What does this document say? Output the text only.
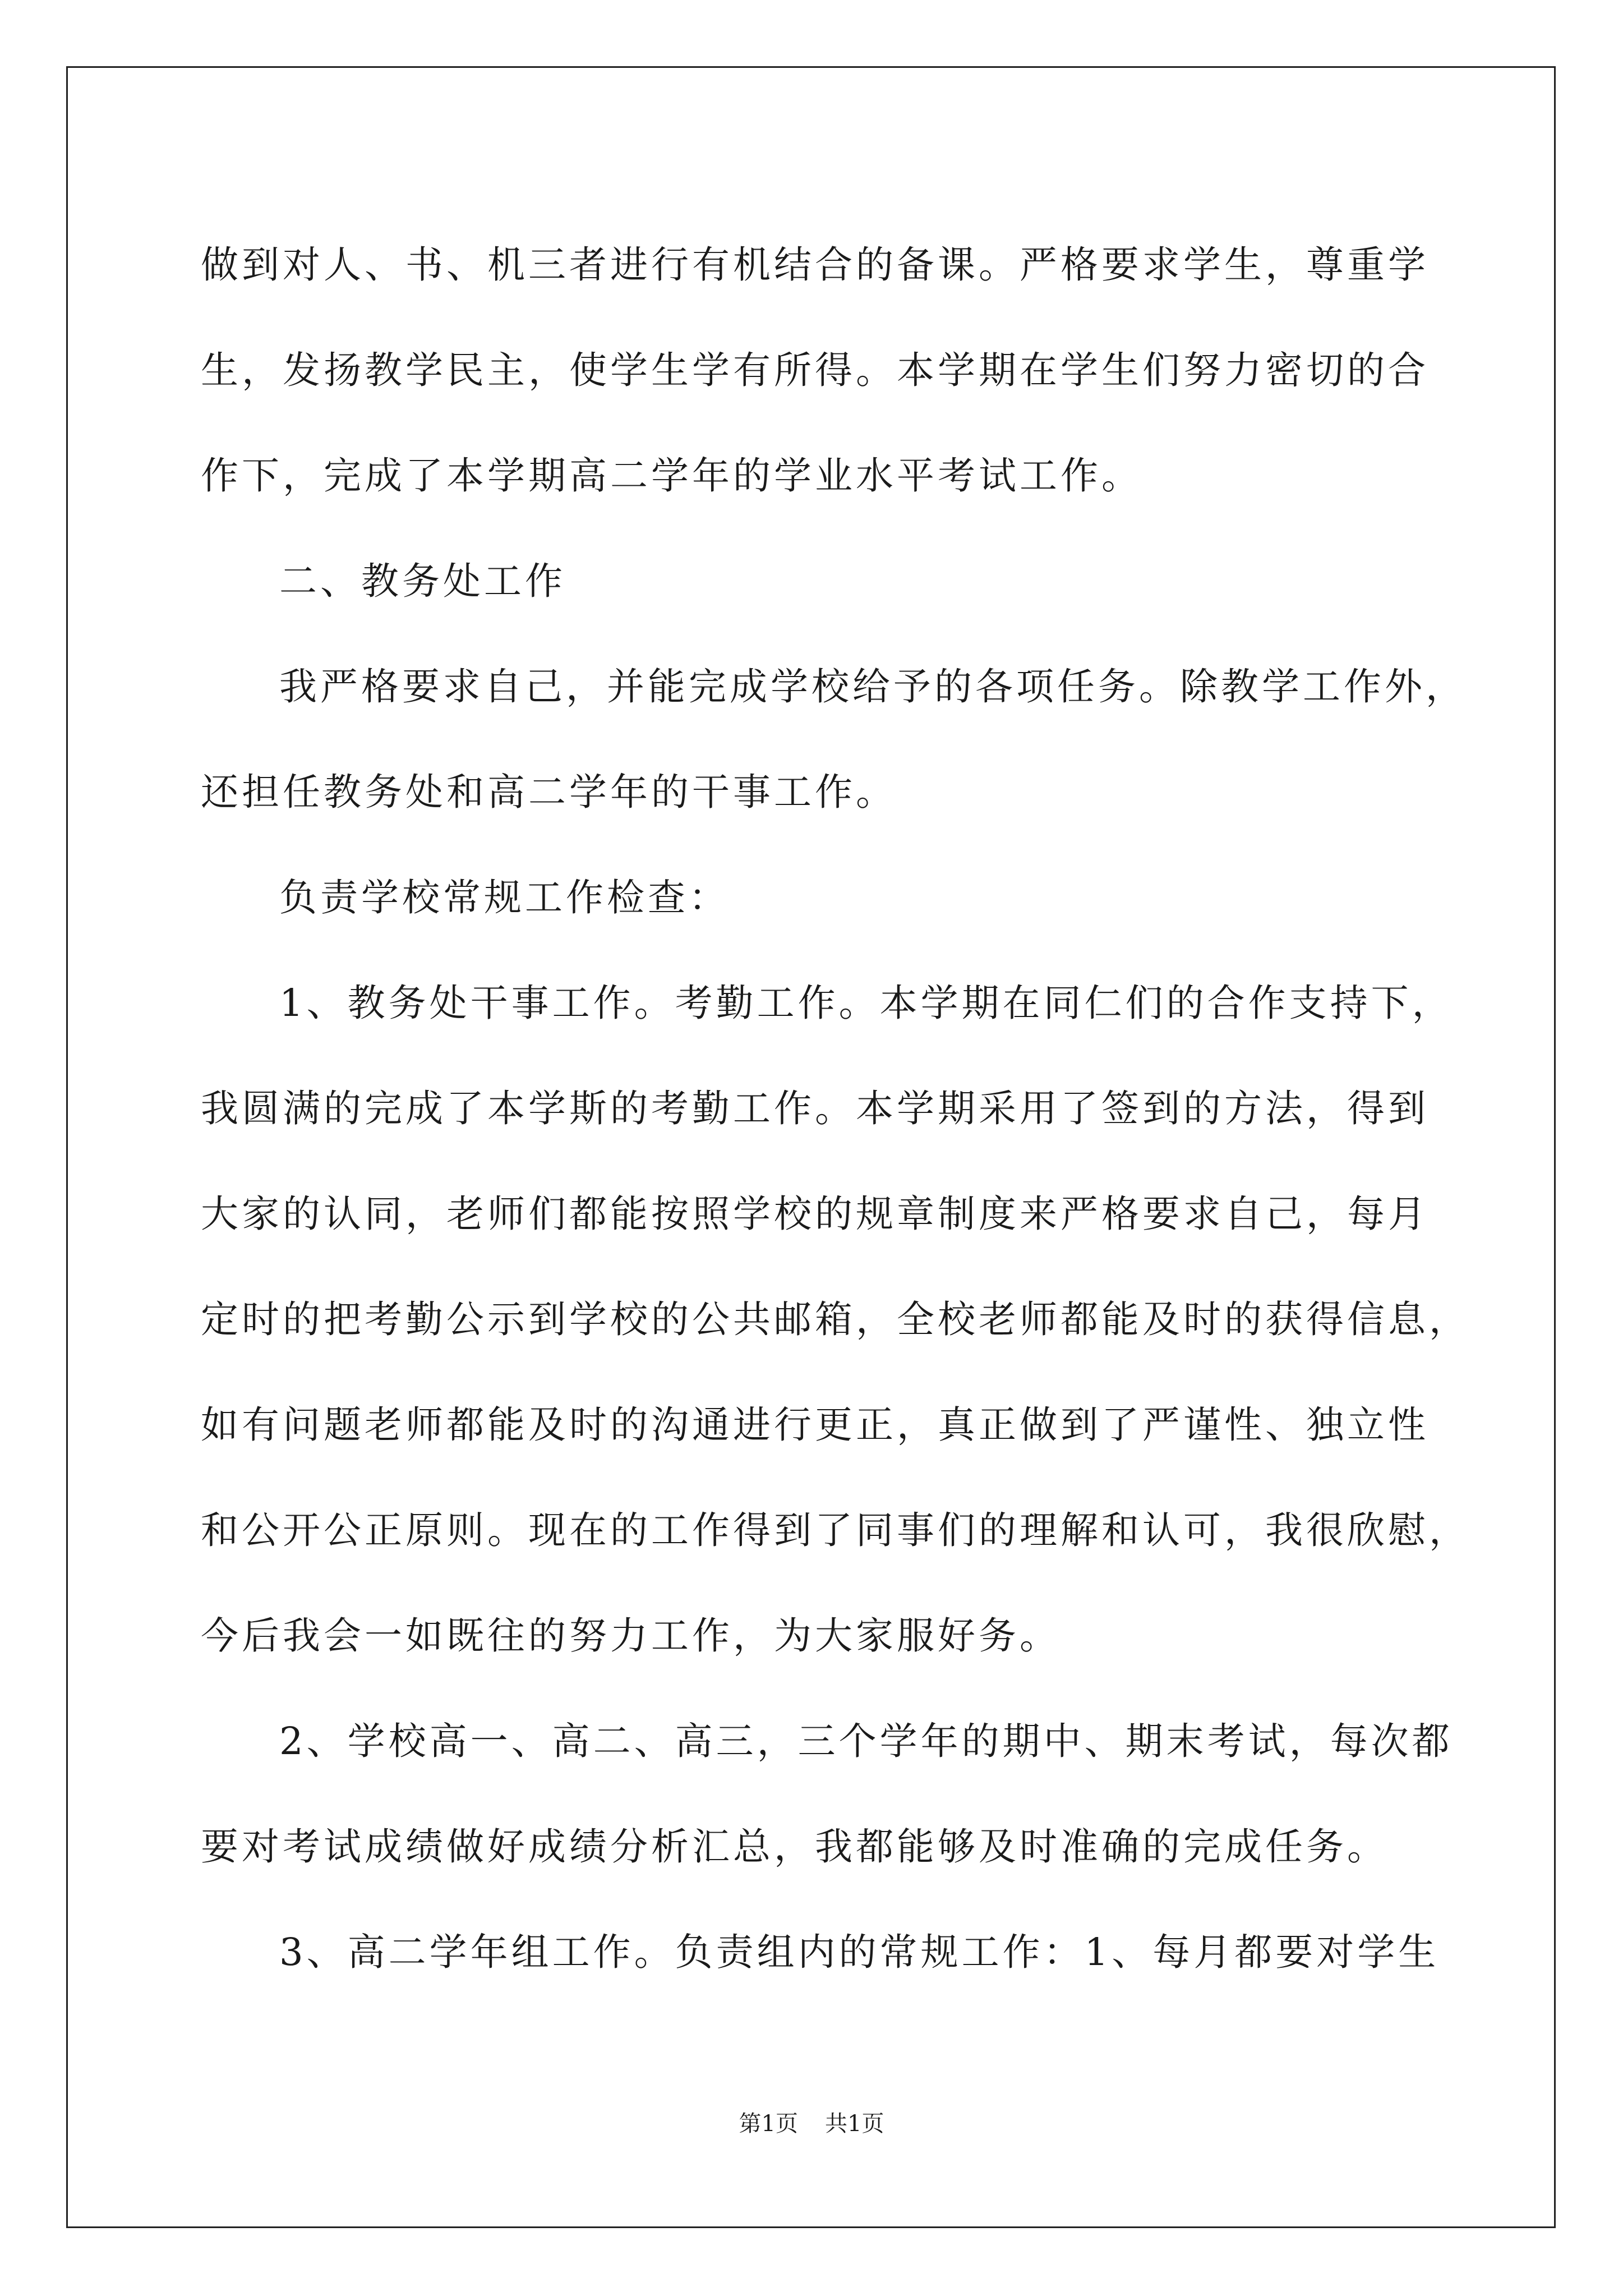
做到对人、书、机三者进行有机结合的备课。严格要求学生，尊重学
生，发扬教学民主，使学生学有所得。本学期在学生们努力密切的合
作下，完成了本学期高二学年的学业水平考试工作。
二、教务处工作
我严格要求自己，并能完成学校给予的各项任务。除教学工作外，
还担任教务处和高二学年的干事工作。
负责学校常规工作检查：
1、教务处干事工作。考勤工作。本学期在同仁们的合作支持下，
我圆满的完成了本学斯的考勤工作。本学期采用了签到的方法，得到
大家的认同，老师们都能按照学校的规章制度来严格要求自己，每月
定时的把考勤公示到学校的公共邮箱，全校老师都能及时的获得信息，
如有问题老师都能及时的沟通进行更正，真正做到了严谨性、独立性
和公开公正原则。现在的工作得到了同事们的理解和认可，我很欣慰，
今后我会一如既往的努力工作，为大家服好务。
2、学校高一、高二、高三，三个学年的期中、期末考试，每次都
要对考试成绩做好成绩分析汇总，我都能够及时准确的完成任务。
3、高二学年组工作。负责组内的常规工作：1、每月都要对学生
第1页 共1页
